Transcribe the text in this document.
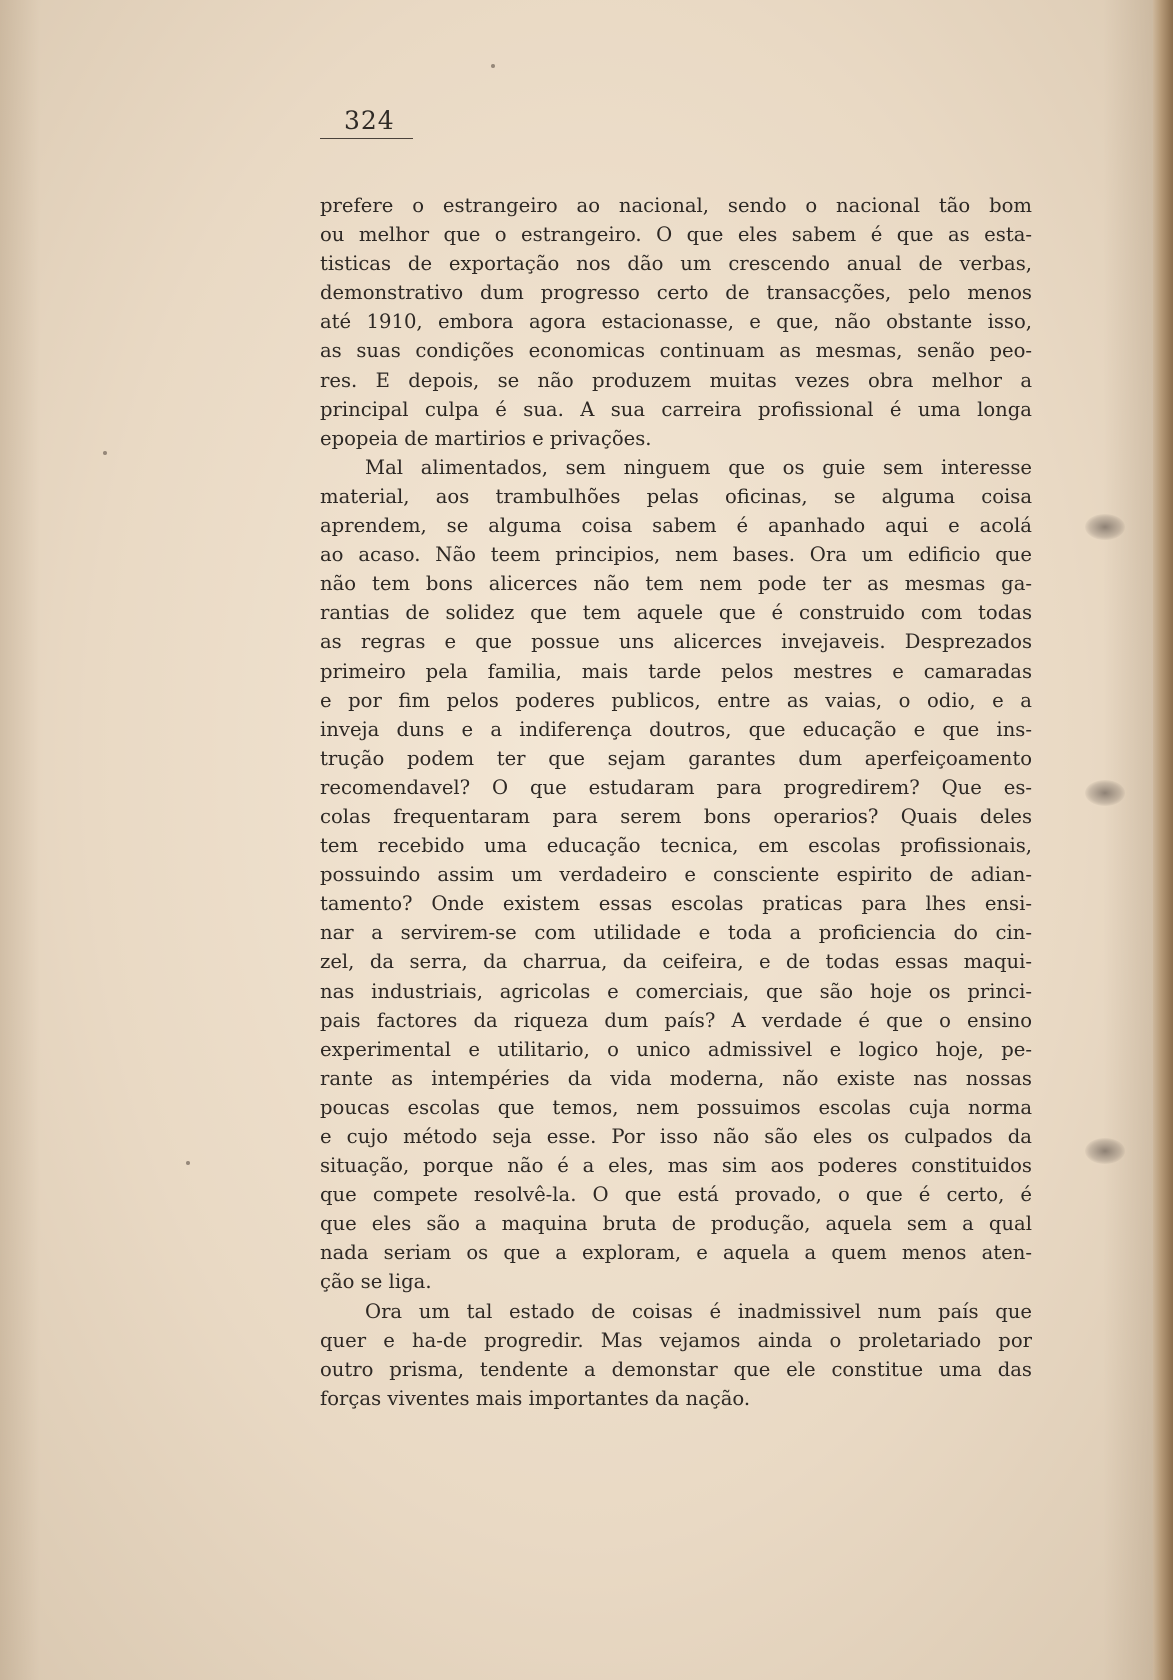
324
prefere o estrangeiro ao nacional, sendo o nacional tão bom
ou melhor que o estrangeiro. O que eles sabem é que as esta-
tisticas de exportação nos dão um crescendo anual de verbas,
demonstrativo dum progresso certo de transacções, pelo menos
até 1910, embora agora estacionasse, e que, não obstante isso,
as suas condições economicas continuam as mesmas, senão peo-
res. E depois, se não produzem muitas vezes obra melhor a
principal culpa é sua. A sua carreira profissional é uma longa
epopeia de martirios e privações.
Mal alimentados, sem ninguem que os guie sem interesse
material, aos trambulhões pelas oficinas, se alguma coisa
aprendem, se alguma coisa sabem é apanhado aqui e acolá
ao acaso. Não teem principios, nem bases. Ora um edificio que
não tem bons alicerces não tem nem pode ter as mesmas ga-
rantias de solidez que tem aquele que é construido com todas
as regras e que possue uns alicerces invejaveis. Desprezados
primeiro pela familia, mais tarde pelos mestres e camaradas
e por fim pelos poderes publicos, entre as vaias, o odio, e a
inveja duns e a indiferença doutros, que educação e que ins-
trução podem ter que sejam garantes dum aperfeiçoamento
recomendavel? O que estudaram para progredirem? Que es-
colas frequentaram para serem bons operarios? Quais deles
tem recebido uma educação tecnica, em escolas profissionais,
possuindo assim um verdadeiro e consciente espirito de adian-
tamento? Onde existem essas escolas praticas para lhes ensi-
nar a servirem-se com utilidade e toda a proficiencia do cin-
zel, da serra, da charrua, da ceifeira, e de todas essas maqui-
nas industriais, agricolas e comerciais, que são hoje os princi-
pais factores da riqueza dum país? A verdade é que o ensino
experimental e utilitario, o unico admissivel e logico hoje, pe-
rante as intempéries da vida moderna, não existe nas nossas
poucas escolas que temos, nem possuimos escolas cuja norma
e cujo método seja esse. Por isso não são eles os culpados da
situação, porque não é a eles, mas sim aos poderes constituidos
que compete resolvê-la. O que está provado, o que é certo, é
que eles são a maquina bruta de produção, aquela sem a qual
nada seriam os que a exploram, e aquela a quem menos aten-
ção se liga.
Ora um tal estado de coisas é inadmissivel num país que
quer e ha-de progredir. Mas vejamos ainda o proletariado por
outro prisma, tendente a demonstar que ele constitue uma das
forças viventes mais importantes da nação.
